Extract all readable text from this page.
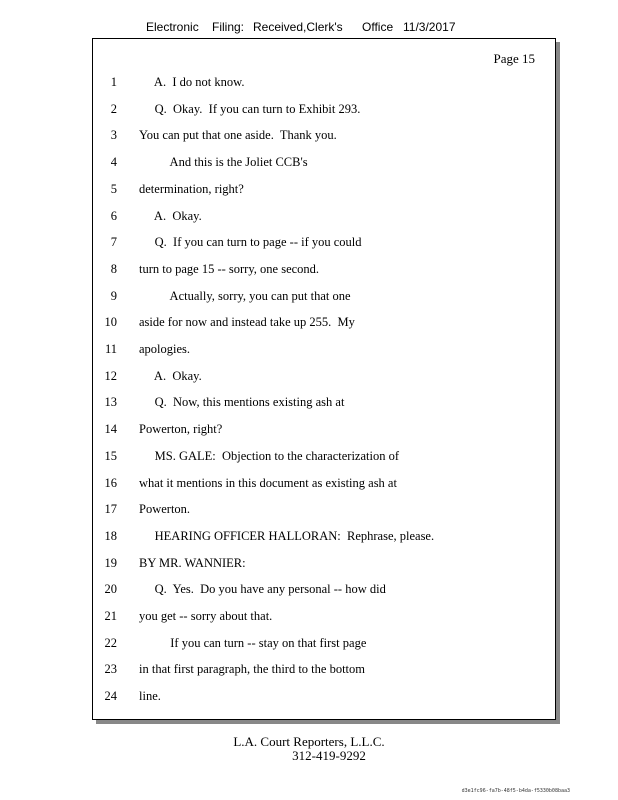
Electronic Filing: Received,Clerk's Office 11/3/2017
Page 15
1 A.  I do not know.
2 Q.  Okay.  If you can turn to Exhibit 293.
3 You can put that one aside.  Thank you.
4 And this is the Joliet CCB's
5 determination, right?
6 A.  Okay.
7 Q.  If you can turn to page -- if you could
8 turn to page 15 -- sorry, one second.
9 Actually, sorry, you can put that one
10 aside for now and instead take up 255.  My
11 apologies.
12 A.  Okay.
13 Q.  Now, this mentions existing ash at
14 Powerton, right?
15 MS. GALE:  Objection to the characterization of
16 what it mentions in this document as existing ash at
17 Powerton.
18 HEARING OFFICER HALLORAN:  Rephrase, please.
19 BY MR. WANNIER:
20 Q.  Yes.  Do you have any personal -- how did
21 you get -- sorry about that.
22 If you can turn -- stay on that first page
23 in that first paragraph, the third to the bottom
24 line.
L.A. Court Reporters, L.L.C.
312-419-9292
d3e1fc96-fa7b-48f5-b4da-f5330b08baa3
